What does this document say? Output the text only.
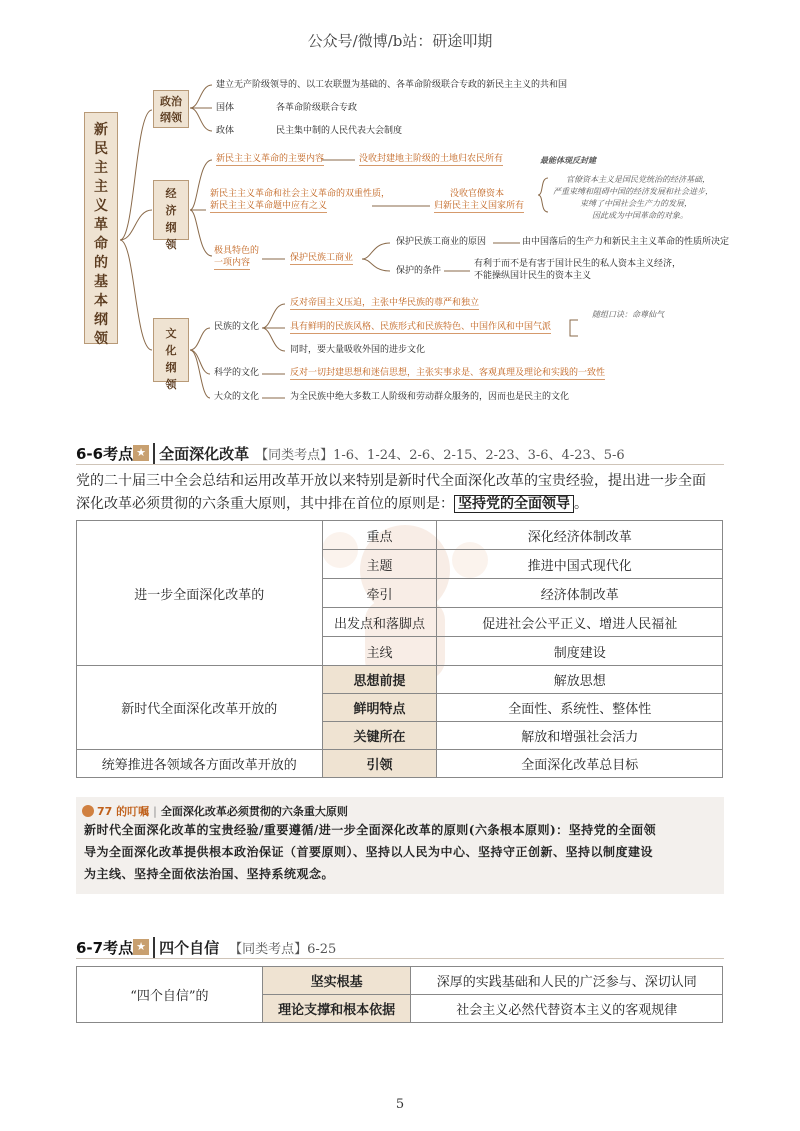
公众号/微博/b站：研途叩期
新民主主义革命的基本纲领
政治纲领
建立无产阶级领导的、以工农联盟为基础的、各革命阶级联合专政的新民主主义的共和国
国体	各革命阶级联合专政
政体	民主集中制的人民代表大会制度
经济纲领
新民主主义革命的主要内容	没收封建地主阶级的土地归农民所有	最能体现反封建
新民主主义革命和社会主义革命的双重性质，
新民主主义革命题中应有之义
没收官僚资本
归新民主主义国家所有
官僚资本主义是国民党统治的经济基础，
严重束缚和阻碍中国的经济发展和社会进步，
束缚了中国社会生产力的发展，
因此成为中国革命的对象。
极具特色的
一项内容	保护民族工商业
保护民族工商业的原因	由中国落后的生产力和新民主主义革命的性质所决定
保护的条件
有利于而不是有害于国计民生的私人资本主义经济，
不能操纵国计民生的资本主义
文化纲领
民族的文化
反对帝国主义压迫，主张中华民族的尊严和独立
具有鲜明的民族风格、民族形式和民族特色、中国作风和中国气派
同时，要大量吸收外国的进步文化
随组口诀：命尊仙气
科学的文化	反对一切封建思想和迷信思想，主张实事求是、客观真理及理论和实践的一致性
大众的文化	为全民族中绝大多数工人阶级和劳动群众服务的，因而也是民主的文化
6-6考点 ★ 全面深化改革 【同类考点】1-6、1-24、2-6、2-15、2-23、3-6、4-23、5-6

党的二十届三中全会总结和运用改革开放以来特别是新时代全面深化改革的宝贵经验，提出进一步全面
深化改革必须贯彻的六条重大原则，其中排在首位的原则是： 坚持党的全面领导 。

进一步全面深化改革的	重点	深化经济体制改革
	主题	推进中国式现代化
	牵引	经济体制改革
	出发点和落脚点	促进社会公平正义、增进人民福祉
	主线	制度建设
新时代全面深化改革开放的	思想前提	解放思想
	鲜明特点	全面性、系统性、整体性
	关键所在	解放和增强社会活力
统筹推进各领域各方面改革开放的	引领	全面深化改革总目标
77 的叮嘱 | 全面深化改革必须贯彻的六条重大原则
新时代全面深化改革的宝贵经验/重要遵循/进一步全面深化改革的原则(六条根本原则)：坚持党的全面领
导为全面深化改革提供根本政治保证（首要原则）、坚持以人民为中心、坚持守正创新、坚持以制度建设
为主线、坚持全面依法治国、坚持系统观念。
6-7考点 ★ 四个自信 【同类考点】6-25
“四个自信”的	坚实根基	深厚的实践基础和人民的广泛参与、深切认同
	理论支撑和根本依据	社会主义必然代替资本主义的客观规律
5
